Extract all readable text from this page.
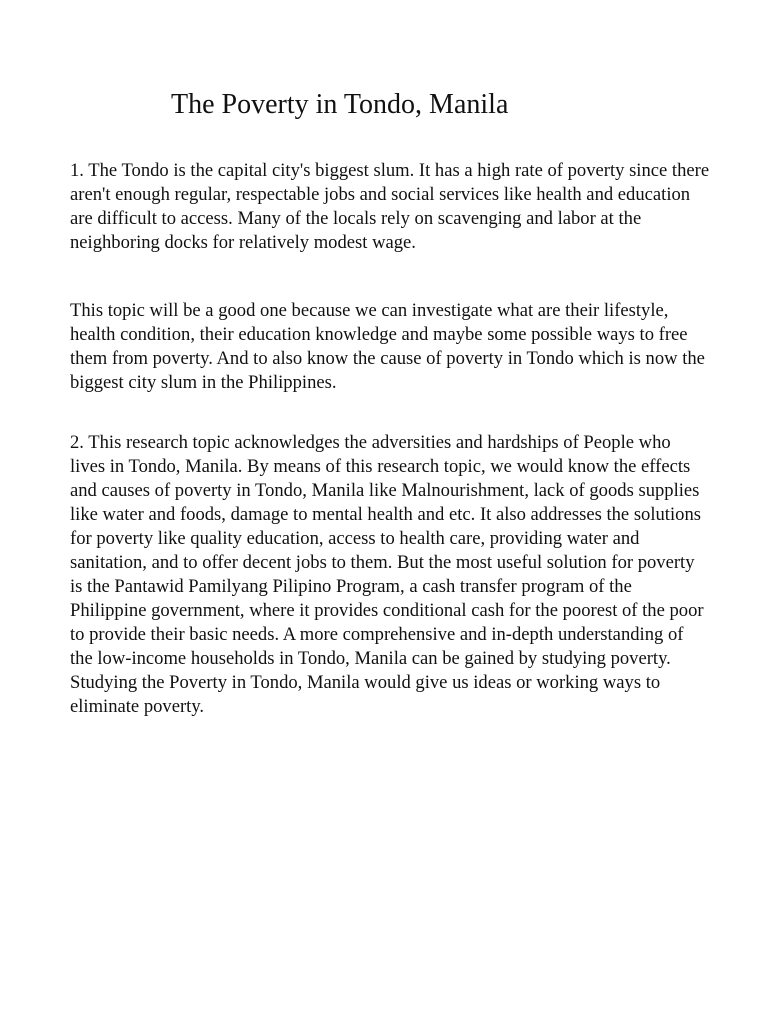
The Poverty in Tondo, Manila

1. The Tondo is the capital city's biggest slum. It has a high rate of poverty since there aren't enough regular, respectable jobs and social services like health and education are difficult to access. Many of the locals rely on scavenging and labor at the neighboring docks for relatively modest wage.

This topic will be a good one because we can investigate what are their lifestyle, health condition, their education knowledge and maybe some possible ways to free them from poverty. And to also know the cause of poverty in Tondo which is now the biggest city slum in the Philippines.

2. This research topic acknowledges the adversities and hardships of People who lives in Tondo, Manila. By means of this research topic, we would know the effects and causes of poverty in Tondo, Manila like Malnourishment, lack of goods supplies like water and foods, damage to mental health and etc. It also addresses the solutions for poverty like quality education, access to health care, providing water and sanitation, and to offer decent jobs to them. But the most useful solution for poverty is the Pantawid Pamilyang Pilipino Program, a cash transfer program of the Philippine government, where it provides conditional cash for the poorest of the poor to provide their basic needs. A more comprehensive and in-depth understanding of the low-income households in Tondo, Manila can be gained by studying poverty. Studying the Poverty in Tondo, Manila would give us ideas or working ways to eliminate poverty.
